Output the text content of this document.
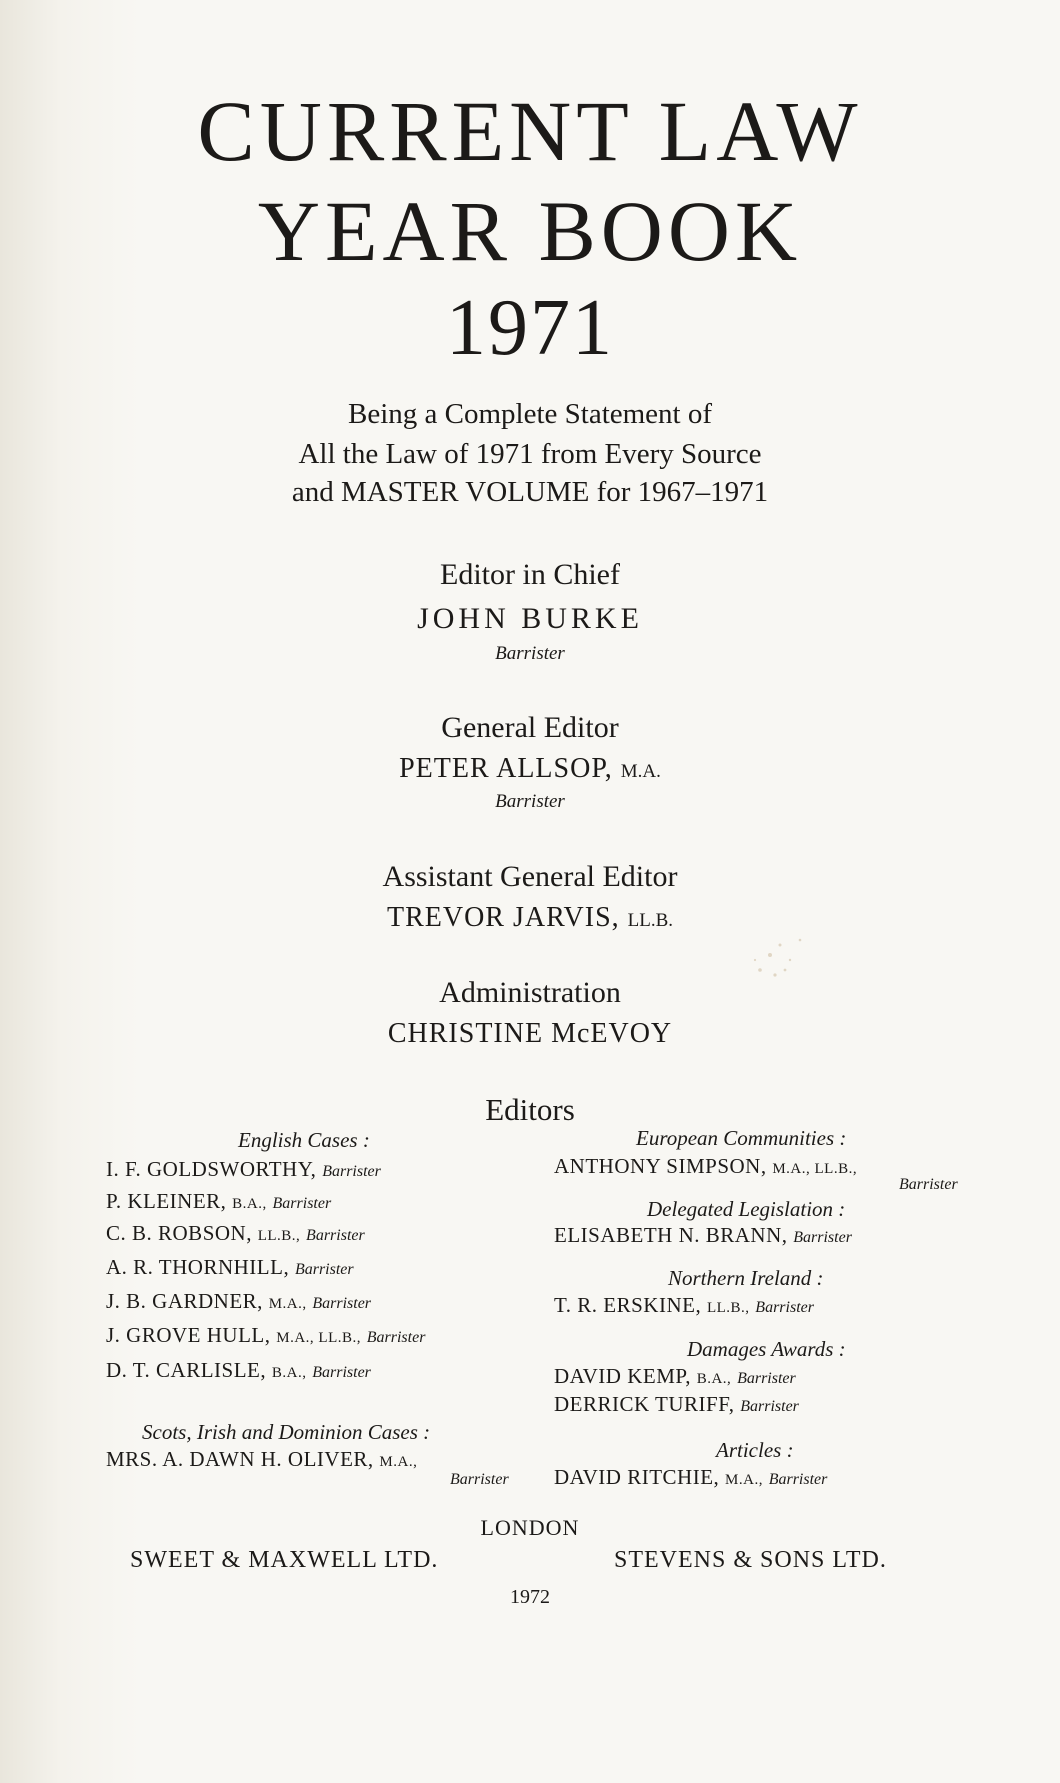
CURRENT LAW
YEAR BOOK
1971
Being a Complete Statement of
All the Law of 1971 from Every Source
and MASTER VOLUME for 1967–1971
Editor in Chief
JOHN BURKE
Barrister
General Editor
PETER ALLSOP, M.A.
Barrister
Assistant General Editor
TREVOR JARVIS, LL.B.
Administration
CHRISTINE McEVOY
Editors
English Cases :
I. F. GOLDSWORTHY, Barrister
P. KLEINER, B.A., Barrister
C. B. ROBSON, LL.B., Barrister
A. R. THORNHILL, Barrister
J. B. GARDNER, M.A., Barrister
J. GROVE HULL, M.A., LL.B., Barrister
D. T. CARLISLE, B.A., Barrister
Scots, Irish and Dominion Cases :
MRS. A. DAWN H. OLIVER, M.A.,
Barrister
European Communities :
ANTHONY SIMPSON, M.A., LL.B.,
Barrister
Delegated Legislation :
ELISABETH N. BRANN, Barrister
Northern Ireland :
T. R. ERSKINE, LL.B., Barrister
Damages Awards :
DAVID KEMP, B.A., Barrister
DERRICK TURIFF, Barrister
Articles :
DAVID RITCHIE, M.A., Barrister
LONDON
SWEET & MAXWELL LTD.	STEVENS & SONS LTD.
1972
